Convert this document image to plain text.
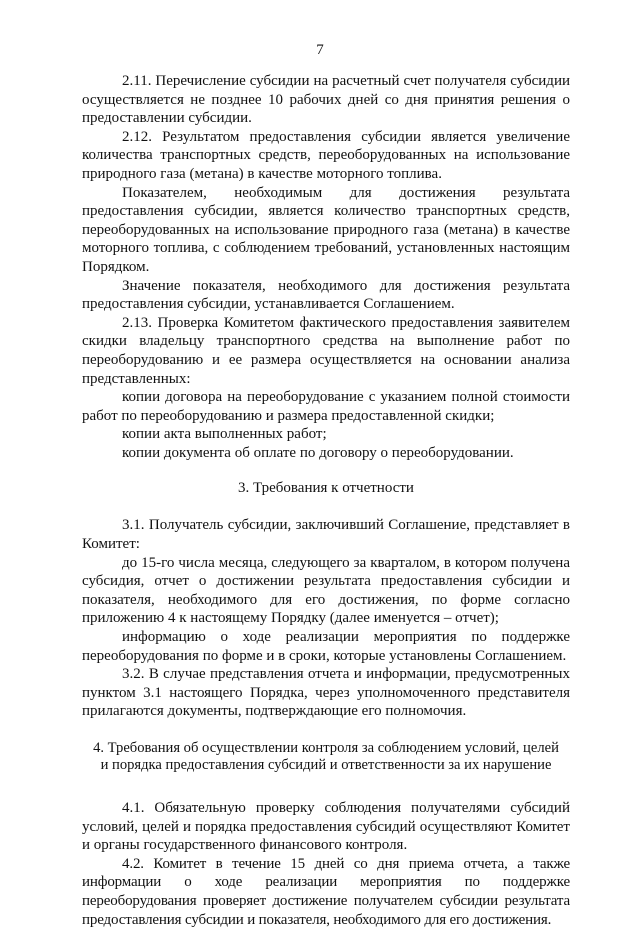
7

2.11. Перечисление субсидии на расчетный счет получателя субсидии осуществляется не позднее 10 рабочих дней со дня принятия решения о предоставлении субсидии.

2.12. Результатом предоставления субсидии является увеличение количества транспортных средств, переоборудованных на использование природного газа (метана) в качестве моторного топлива.

Показателем, необходимым для достижения результата предоставления субсидии, является количество транспортных средств, переоборудованных на использование природного газа (метана) в качестве моторного топлива, с соблюдением требований, установленных настоящим Порядком.

Значение показателя, необходимого для достижения результата предоставления субсидии, устанавливается Соглашением.

2.13. Проверка Комитетом фактического предоставления заявителем скидки владельцу транспортного средства на выполнение работ по переоборудованию и ее размера осуществляется на основании анализа представленных:

копии договора на переоборудование с указанием полной стоимости работ по переоборудованию и размера предоставленной скидки;

копии акта выполненных работ;

копии документа об оплате по договору о переоборудовании.

3. Требования к отчетности

3.1. Получатель субсидии, заключивший Соглашение, представляет в Комитет:

до 15-го числа месяца, следующего за кварталом, в котором получена субсидия, отчет о достижении результата предоставления субсидии и показателя, необходимого для его достижения, по форме согласно приложению 4 к настоящему Порядку (далее именуется – отчет);

информацию о ходе реализации мероприятия по поддержке переоборудования по форме и в сроки, которые установлены Соглашением.

3.2. В случае представления отчета и информации, предусмотренных пунктом 3.1 настоящего Порядка, через уполномоченного представителя прилагаются документы, подтверждающие его полномочия.

4. Требования об осуществлении контроля за соблюдением условий, целей
и порядка предоставления субсидий и ответственности за их нарушение

4.1. Обязательную проверку соблюдения получателями субсидий условий, целей и порядка предоставления субсидий осуществляют Комитет и органы государственного финансового контроля.

4.2. Комитет в течение 15 дней со дня приема отчета, а также информации о ходе реализации мероприятия по поддержке переоборудования проверяет достижение получателем субсидии результата предоставления субсидии и показателя, необходимого для его достижения.
